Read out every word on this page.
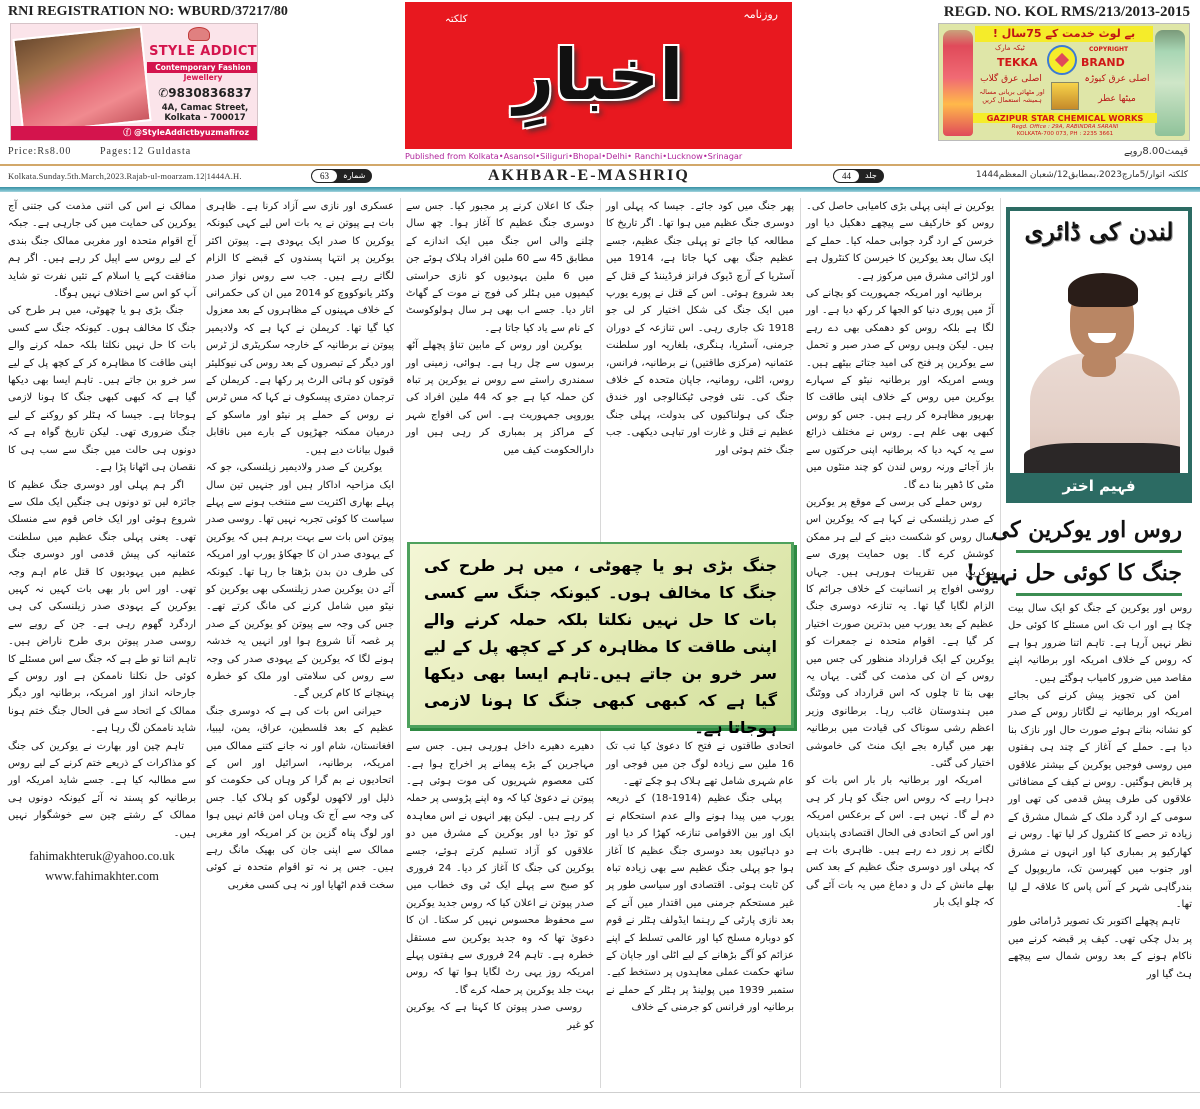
RNI REGISTRATION NO: WBURD/37217/80	REGD. NO. KOL RMS/213/2013-2015
STYLE ADDICT
Contemporary Fashion
Jewellery
✆9830836837
4A, Camac Street,
Kolkata - 700017
ⓕ @StyleAddictbyuzmafiroz
Price:Rs8.00	Pages:12 Guldasta
روزنامہ
کلکتہ
اخبارِ
Published from Kolkata•Asansol•Siliguri•Bhopal•Delhi• Ranchi•Lucknow•Srinagar
بے لوث خدمت کے 75سال !
ٹیکہ مارک	COPYRIGHT
TEKKA	BRAND
اصلی عرق گلاب	اصلی عرق کیوڑہ
اور مٹھائی بریانی مسالہ ہمیشہ استعمال کریں	میٹھا عطر
GAZIPUR STAR CHEMICAL WORKS
Regd. Office : 29A, RABINDRA SARANI
KOLKATA-700 073, PH : 2235 3661
قیمت8.00روپے
Kolkata.Sunday.5th.March,2023.Rajab-ul-moarzam.12|1444A.H.	63	شمارہ	AKHBAR-E-MASHRIQ	44	جلد	کلکتہ اتوار/5مارچ2023،بمطابق12/شعبان المعظم1444

یوکرین نے اپنی پہلی بڑی کامیابی حاصل کی۔ روس کو خارکیف سے پیچھے دھکیل دیا اور خرسن کے ارد گرد جوابی حملہ کیا۔ حملے کے ایک سال بعد یوکرین کا خیرسن کا کنٹرول ہے اور لڑائی مشرق میں مرکوز ہے۔

برطانیہ اور امریکہ جمہوریت کو بچانے کی آڑ میں پوری دنیا کو الجھا کر رکھ دیا ہے۔ اور لگا ہے بلکہ روس کو دھمکی بھی دے رہے ہیں۔ لیکن وہیں روس کے صدر صبر و تحمل سے یوکرین پر فتح کی امید جتائے بیٹھے ہیں۔ ویسے امریکہ اور برطانیہ نیٹو کے سہارے یوکرین میں روس کے خلاف اپنی طاقت کا بھرپور مظاہرہ کر رہے ہیں۔ جس کو روس کبھی بھی علم ہے۔ روس نے مختلف ذرائع سے یہ کہہ دیا کہ برطانیہ اپنی حرکتوں سے باز آجائے ورنہ روس لندن کو چند منٹوں میں مٹی کا ڈھیر بنا دے گا۔

روس حملے کی برسی کے موقع پر یوکرین کے صدر زیلنسکی نے کہا ہے کہ یوکرین اس سال روس کو شکست دینے کے لیے ہر ممکن کوشش کرے گا۔ یوں حمایت پوری سے یوکرین میں تقریبات ہورہی ہیں۔ جہاں روسی افواج پر انسانیت کے خلاف جرائم کا الزام لگایا گیا تھا۔ یہ تنازعہ دوسری جنگ عظیم کے بعد یورپ میں بدترین صورت اختیار کر گیا ہے۔ اقوام متحدہ نے جمعرات کو یوکرین کے ایک قرارداد منظور کی جس میں روس کے ان کی مذمت کی گئی۔ یہاں یہ بھی بتا تا چلوں کہ اس قرارداد کی ووٹنگ میں ہندوستان غائب رہا۔ برطانوی وزیر اعظم رشی سوناک کی قیادت میں برطانیہ بھر میں گیارہ بجے ایک منٹ کی خاموشی اختیار کی گئی۔

امریکہ اور برطانیہ بار بار اس بات کو دہرا رہے کہ روس اس جنگ کو ہار کر ہی دم لے گا۔ نہیں ہے۔ اس کے برعکس امریکہ اور اس کے اتحادی فی الحال اقتصادی پابندیاں لگانے پر زور دے رہے ہیں۔ ظاہری بات ہے کہ پہلی اور دوسری جنگ عظیم کے بعد کس بھلے مانش کے دل و دماغ میں یہ بات آئے گی کہ چلو ایک بار

پھر جنگ میں کود جائے۔ جیسا کہ پہلی اور دوسری جنگ عظیم میں ہوا تھا۔ اگر تاریخ کا مطالعہ کیا جائے تو پہلی جنگ عظیم، جسے عظیم جنگ بھی کہا جاتا ہے، 1914 میں آسٹریا کے آرچ ڈیوک فرانز فرڈیننڈ کے قتل کے بعد شروع ہوئی۔ اس کے قتل نے پورے یورپ میں ایک جنگ کی شکل اختیار کر لی جو 1918 تک جاری رہی۔ اس تنازعہ کے دوران جرمنی، آسٹریا، ہنگری، بلغاریہ اور سلطنت عثمانیہ (مرکزی طاقتیں) نے برطانیہ، فرانس، روس، اٹلی، رومانیہ، جاپان متحدہ کے خلاف جنگ کی۔ نئی فوجی ٹیکنالوجی اور خندق جنگ کی ہولناکیوں کی بدولت، پہلی جنگ عظیم نے قتل و غارت اور تباہی دیکھی۔ جب جنگ ختم ہوئی اور

اتحادی طاقتوں نے فتح کا دعویٰ کیا تب تک 16 ملین سے زیادہ لوگ جن میں فوجی اور عام شہری شامل تھے ہلاک ہو چکے تھے۔

پہلی جنگ عظیم (1914-18) کے ذریعہ یورپ میں پیدا ہونے والے عدم استحکام نے ایک اور بین الاقوامی تنازعہ کھڑا کر دیا اور دو دہائیوں بعد دوسری جنگ عظیم کا آغاز ہوا جو پہلی جنگ عظیم سے بھی زیادہ تباہ کن ثابت ہوئی۔ اقتصادی اور سیاسی طور پر غیر مستحکم جرمنی میں اقتدار میں آنے کے بعد نازی پارٹی کے رہنما ایڈولف ہٹلر نے قوم کو دوبارہ مسلح کیا اور عالمی تسلط کے اپنے عزائم کو آگے بڑھانے کے لیے اٹلی اور جاپان کے ساتھ حکمت عملی معاہدوں پر دستخط کیے۔ ستمبر 1939 میں پولینڈ پر ہٹلر کے حملے نے برطانیہ اور فرانس کو جرمنی کے خلاف

جنگ کا اعلان کرنے پر مجبور کیا۔ جس سے دوسری جنگ عظیم کا آغاز ہوا۔ چھ سال چلنے والی اس جنگ میں ایک اندازے کے مطابق 45 سے 60 ملین افراد ہلاک ہوئے جن میں 6 ملین یہودیوں کو نازی حراستی کیمپوں میں ہٹلر کی فوج نے موت کے گھاٹ اتار دیا۔ جسے اب بھی ہر سال ہولوکوسٹ کے نام سے یاد کیا جاتا ہے۔

یوکرین اور روس کے مابین تناؤ پچھلے آٹھ برسوں سے چل رہا ہے۔ ہوائی، زمینی اور سمندری راستے سے روس نے یوکرین پر تباہ کن حملہ کیا ہے جو کہ 44 ملین افراد کی یوروپی جمہوریت ہے۔ اس کی افواج شہر کے مراکز پر بمباری کر رہی ہیں اور دارالحکومت کیف میں

دھیرے دھیرے داخل ہورہی ہیں۔ جس سے مہاجرین کے بڑے پیمانے پر اخراج ہوا ہے۔ کئی معصوم شہریوں کی موت ہوئی ہے۔ پیوتن نے دعویٰ کیا کہ وہ اپنے پڑوسی پر حملہ کر رہے ہیں۔ لیکن پھر انہوں نے اس معاہدہ کو توڑ دیا اور یوکرین کے مشرق میں دو علاقوں کو آزاد تسلیم کرتے ہوئے، جسے یوکرین کی جنگ کا آغاز کر دیا۔ 24 فروری کو صبح سے پہلے ایک ٹی وی خطاب میں صدر پیوتن نے اعلان کیا کہ روس جدید یوکرین سے محفوظ محسوس نہیں کر سکتا۔ ان کا دعویٰ تھا کہ وہ جدید یوکرین سے مستقل خطرہ ہے۔ تاہم 24 فروری سے ہفتوں پہلے امریکہ روز یہی رٹ لگایا ہوا تھا کہ روس بہت جلد یوکرین پر حملہ کرے گا۔

روسی صدر پیوتن کا کہنا ہے کہ یوکرین کو غیر

عسکری اور نازی سے آزاد کرنا ہے۔ ظاہری بات ہے پیوتن نے یہ بات اس لیے کہی کیونکہ یوکرین کا صدر ایک یہودی ہے۔ پیوتن اکثر یوکرین پر انتہا پسندوں کے قبضے کا الزام لگاتے رہے ہیں۔ جب سے روس نواز صدر وکٹر یانوکووچ کو 2014 میں ان کی حکمرانی کے خلاف مہینوں کے مظاہروں کے بعد معزول کیا گیا تھا۔ کریملن نے کہا ہے کہ ولادیمیر پیوتن نے برطانیہ کے خارجہ سکریٹری لز ٹرس اور دیگر کے تبصروں کے بعد روس کی نیوکلیئر قوتوں کو ہائی الرٹ پر رکھا ہے۔ کریملن کے ترجمان دمتری پیسکوف نے کہا کہ مس ٹرس نے روس کے حملے پر نیٹو اور ماسکو کے درمیان ممکنہ جھڑپوں کے بارے میں ناقابل قبول بیانات دیے ہیں۔

یوکرین کے صدر ولادیمیر زیلنسکی، جو کہ ایک مزاحیہ اداکار ہیں اور جنہیں تین سال پہلے بھاری اکثریت سے منتخب ہونے سے پہلے سیاست کا کوئی تجربہ نہیں تھا۔ روسی صدر پیوتن اس بات سے بہت برہم ہیں کہ یوکرین کے یہودی صدر ان کا جھکاؤ یورپ اور امریکہ کی طرف دن بدن بڑھتا جا رہا تھا۔ کیونکہ آئے دن یوکرین صدر زیلنسکی بھی یوکرین کو نیٹو میں شامل کرنے کی مانگ کرتے تھے۔ جس کی وجہ سے پیوتن کو یوکرین کے صدر پر غصہ آنا شروع ہوا اور انہیں یہ خدشہ ہونے لگا کہ یوکرین کے یہودی صدر کی وجہ سے روس کی سلامتی اور ملک کو خطرہ پہنچانے کا کام کریں گے۔

حیرانی اس بات کی ہے کہ دوسری جنگ عظیم کے بعد فلسطین، عراق، یمن، لیبیا، افغانستان، شام اور نہ جانے کتنے ممالک میں امریکہ، برطانیہ، اسرائیل اور اس کے اتحادیوں نے بم گرا کر وہاں کی حکومت کو ذلیل اور لاکھوں لوگوں کو ہلاک کیا۔ جس کی وجہ سے آج تک وہاں امن قائم نہیں ہوا اور لوگ پناہ گزین بن کر امریکہ اور مغربی ممالک سے اپنی جان کی بھیک مانگ رہے ہیں۔ جس پر نہ تو اقوام متحدہ نے کوئی سخت قدم اٹھایا اور نہ ہی کسی مغربی

ممالک نے اس کی اتنی مذمت کی جتنی آج یوکرین کی حمایت میں کی جارہی ہے۔ جبکہ آج اقوام متحدہ اور مغربی ممالک جنگ بندی کے لیے روس سے اپیل کر رہے ہیں۔ اگر ہم منافقت کہے یا اسلام کے تئیں نفرت تو شاید آپ کو اس سے اختلاف نہیں ہوگا۔

جنگ بڑی ہو یا چھوٹی، میں ہر طرح کی جنگ کا مخالف ہوں۔ کیونکہ جنگ سے کسی بات کا حل نہیں نکلتا بلکہ حملہ کرنے والے اپنی طاقت کا مظاہرہ کر کے کچھ پل کے لیے سر خرو بن جاتے ہیں۔ تاہم ایسا بھی دیکھا گیا ہے کہ کبھی کبھی جنگ کا ہونا لازمی ہوجاتا ہے۔ جیسا کہ ہٹلر کو روکنے کے لیے جنگ ضروری تھی۔ لیکن تاریخ گواہ ہے کہ دونوں ہی حالت میں جنگ سے سب ہی کا نقصان ہی اٹھانا پڑا ہے۔

اگر ہم پہلی اور دوسری جنگ عظیم کا جائزہ لیں تو دونوں ہی جنگیں ایک ملک سے شروع ہوئی اور ایک خاص قوم سے منسلک تھی۔ یعنی پہلی جنگ عظیم میں سلطنت عثمانیہ کی پیش قدمی اور دوسری جنگ عظیم میں یہودیوں کا قتل عام اہم وجہ تھی۔ اور اس بار بھی بات کہیں نہ کہیں یوکرین کے یہودی صدر زیلنسکی کی ہی اردگرد گھوم رہی ہے۔ جن کے رویے سے روسی صدر پیوتن بری طرح ناراض ہیں۔ تاہم اتنا تو طے ہے کہ جنگ سے اس مسئلے کا کوئی حل نکلنا ناممکن ہے اور روس کے جارحانہ انداز اور امریکہ، برطانیہ اور دیگر ممالک کے اتحاد سے فی الحال جنگ ختم ہونا شاید ناممکن لگ رہا ہے۔

تاہم چین اور بھارت نے یوکرین کی جنگ کو مذاکرات کے ذریعے ختم کرنے کے لیے روس سے مطالبہ کیا ہے۔ جسے شاید امریکہ اور برطانیہ کو پسند نہ آئے کیونکہ دونوں ہی ممالک کے رشتے چین سے خوشگوار نہیں ہیں۔

fahimakhteruk@yahoo.co.uk
www.fahimakhter.com

روس اور یوکرین کے جنگ کو ایک سال بیت چکا ہے اور اب تک اس مسئلے کا کوئی حل نظر نہیں آرہا ہے۔ تاہم اتنا ضرور ہوا ہے کہ روس کے خلاف امریکہ اور برطانیہ اپنے مقاصد میں ضرور کامیاب ہوگئے ہیں۔

امن کی تجویز پیش کرنے کی بجائے امریکہ اور برطانیہ نے لگاتار روس کے صدر کو نشانہ بناتے ہوئے صورت حال اور نازک بنا دیا ہے۔ حملے کے آغاز کے چند ہی ہفتوں میں روسی فوجیں یوکرین کے بیشتر علاقوں پر قابض ہوگئیں۔ روس نے کیف کے مضافاتی علاقوں کی طرف پیش قدمی کی تھی اور سومی کے ارد گرد ملک کے شمال مشرق کے زیادہ تر حصے کا کنٹرول کر لیا تھا۔ روس نے کھارکیو پر بمباری کیا اور انہوں نے مشرق اور جنوب میں کھیرسن تک، ماریوپول کے بندرگاہی شہر کے آس پاس کا علاقہ لے لیا تھا۔

تاہم پچھلے اکتوبر تک تصویر ڈرامائی طور پر بدل چکی تھی۔ کیف پر قبضہ کرنے میں ناکام ہونے کے بعد روس شمال سے پیچھے ہٹ گیا اور

جنگ بڑی ہو یا چھوٹی ، میں ہر طرح کی جنگ کا مخالف ہوں۔ کیونکہ جنگ سے کسی بات کا حل نہیں نکلتا بلکہ حملہ کرنے والے اپنی طاقت کا مظاہرہ کر کے کچھ پل کے لیے سر خرو بن جاتے ہیں۔تاہم ایسا بھی دیکھا گیا ہے کہ کبھی کبھی جنگ کا ہونا لازمی ہوجاتا ہے۔
لندن کی ڈائری
فہیم اختر
روس اور یوکرین کی
جنگ کا کوئی حل نہیں!
